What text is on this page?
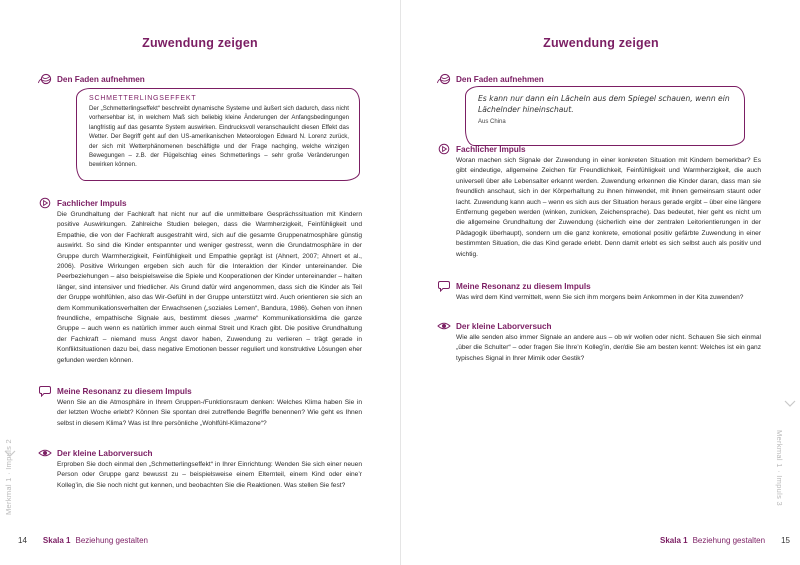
Zuwendung zeigen
Den Faden aufnehmen
SCHMETTERLINGSEFFEKT
Der „Schmetterlingseffekt“ beschreibt dynamische Systeme und äußert sich dadurch, dass nicht vorhersehbar ist, in welchem Maß sich beliebig kleine Änderungen der Anfangsbedingungen langfristig auf das gesamte System auswirken. Eindrucksvoll veranschaulicht diesen Effekt das Wetter. Der Begriff geht auf den US-amerikanischen Meteorologen Edward N. Lorenz zurück, der sich mit Wetterphänomenen beschäftigte und der Frage nachging, welche winzigen Bewegungen – z.B. der Flügelschlag eines Schmetterlings – sehr große Veränderungen bewirken können.
Fachlicher Impuls
Die Grundhaltung der Fachkraft hat nicht nur auf die unmittelbare Gesprächssituation mit Kindern positive Auswirkungen. Zahlreiche Studien belegen, dass die Warmherzigkeit, Feinfühligkeit und Empathie, die von der Fachkraft ausgestrahlt wird, sich auf die gesamte Gruppenatmosphäre günstig auswirkt. So sind die Kinder entspannter und weniger gestresst, wenn die Grundatmosphäre in der Gruppe durch Warmherzigkeit, Feinfühligkeit und Empathie geprägt ist (Ahnert, 2007; Ahnert et al., 2006). Positive Wirkungen ergeben sich auch für die Interaktion der Kinder untereinander. Die Peerbeziehungen – also beispielsweise die Spiele und Kooperationen der Kinder untereinander – halten länger, sind intensiver und friedlicher. Als Grund dafür wird angenommen, dass sich die Kinder als Teil der Gruppe wohlfühlen, also das Wir-Gefühl in der Gruppe unterstützt wird. Auch orientieren sie sich an dem Kommunikationsverhalten der Erwachsenen („soziales Lernen“, Bandura, 1986). Gehen von ihnen freundliche, empathische Signale aus, bestimmt dieses „warme“ Kommunikationsklima die ganze Gruppe – auch wenn es natürlich immer auch einmal Streit und Krach gibt. Die positive Grundhaltung der Fachkraft – niemand muss Angst davor haben, Zuwendung zu verlieren – trägt gerade in Konfliktsituationen dazu bei, dass negative Emotionen besser reguliert und konstruktive Lösungen eher gefunden werden können.
Meine Resonanz zu diesem Impuls
Wenn Sie an die Atmosphäre in Ihrem Gruppen-/Funktionsraum denken: Welches Klima haben Sie in der letzten Woche erlebt? Können Sie spontan drei zutreffende Begriffe benennen? Wie geht es Ihnen selbst in diesem Klima? Was ist Ihre persönliche „Wohlfühl-Klimazone“?
Der kleine Laborversuch
Erproben Sie doch einmal den „Schmetterlingseffekt“ in Ihrer Einrichtung: Wenden Sie sich einer neuen Person oder Gruppe ganz bewusst zu – beispielsweise einem Elternteil, einem Kind oder eine’r Kolleg’in, die Sie noch nicht gut kennen, und beobachten Sie die Reaktionen. Was stellen Sie fest?
Merkmal 1 · Impuls 2
14 Skala 1 Beziehung gestalten
Zuwendung zeigen
Den Faden aufnehmen
Es kann nur dann ein Lächeln aus dem Spiegel schauen, wenn ein Lächelnder hineinschaut.
Aus China
Fachlicher Impuls
Woran machen sich Signale der Zuwendung in einer konkreten Situation mit Kindern bemerkbar? Es gibt eindeutige, allgemeine Zeichen für Freundlichkeit, Feinfühligkeit und Warmherzigkeit, die auch universell über alle Lebensalter erkannt werden. Zuwendung erkennen die Kinder daran, dass man sie freundlich anschaut, sich in der Körperhaltung zu ihnen hinwendet, mit ihnen gemeinsam staunt oder lacht. Zuwendung kann auch – wenn es sich aus der Situation heraus gerade ergibt – über eine längere Entfernung gegeben werden (winken, zunicken, Zeichensprache). Das bedeutet, hier geht es nicht um die allgemeine Grundhaltung der Zuwendung (sicherlich eine der zentralen Leitorientierungen in der Pädagogik überhaupt), sondern um die ganz konkrete, emotional positiv gefärbte Zuwendung in einer bestimmten Situation, die das Kind gerade erlebt. Denn damit erlebt es sich selbst auch als positiv und wichtig.
Meine Resonanz zu diesem Impuls
Was wird dem Kind vermittelt, wenn Sie sich ihm morgens beim Ankommen in der Kita zuwenden?
Der kleine Laborversuch
Wie alle senden also immer Signale an andere aus – ob wir wollen oder nicht. Schauen Sie sich einmal „über die Schulter“ – oder fragen Sie Ihre’n Kolleg’in, der/die Sie am besten kennt: Welches ist ein ganz typisches Signal in Ihrer Mimik oder Gestik?
Skala 1 Beziehung gestalten 15
Merkmal 1 · Impuls 3
